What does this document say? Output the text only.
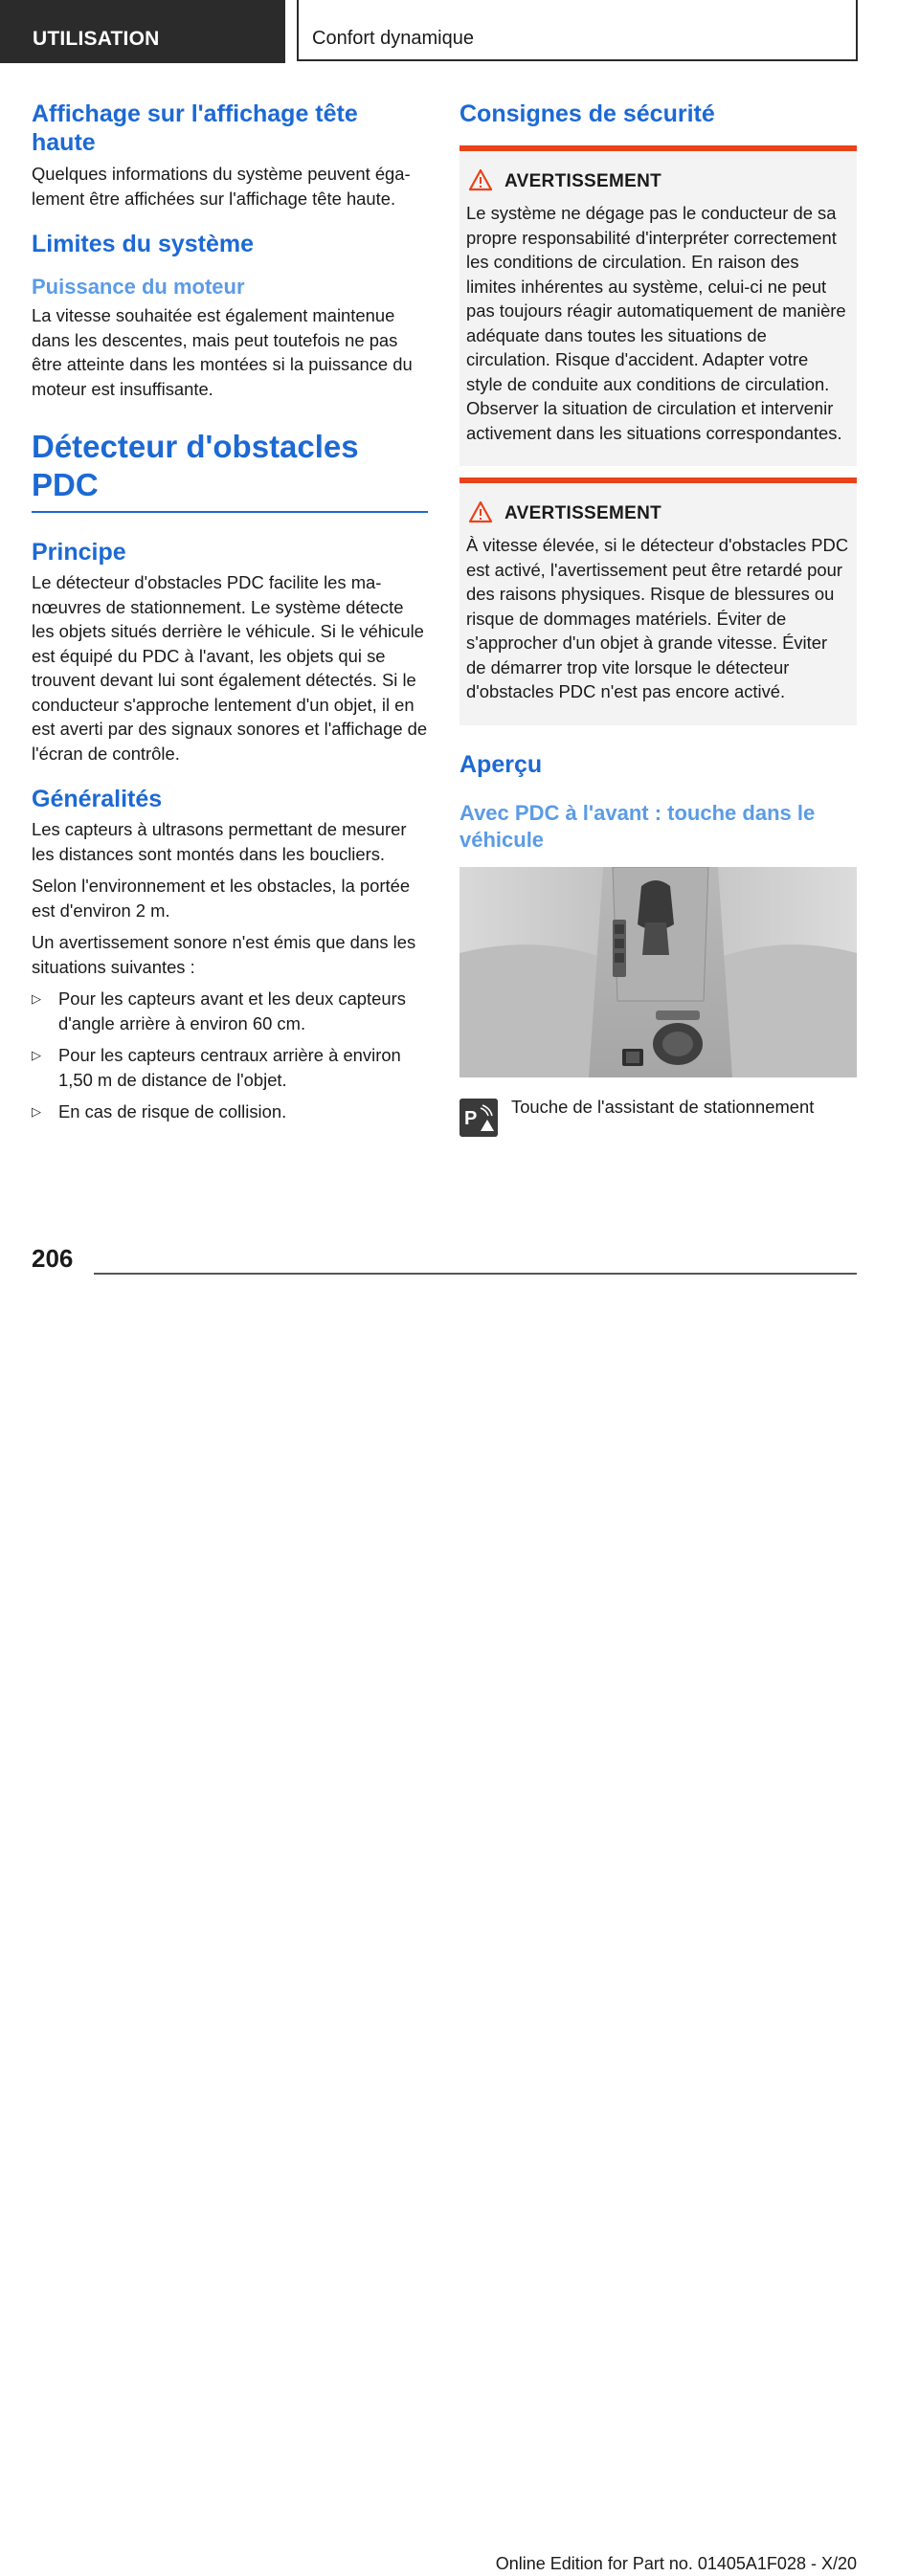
UTILISATION	Confort dynamique
Affichage sur l'affichage tête haute

Quelques informations du système peuvent également être affichées sur l'affichage tête haute.

Limites du système
Puissance du moteur

La vitesse souhaitée est également maintenue dans les descentes, mais peut toutefois ne pas être atteinte dans les montées si la puissance du moteur est insuffisante.

Détecteur d'obstacles PDC
Principe

Le détecteur d'obstacles PDC facilite les manœuvres de stationnement. Le système détecte les objets situés derrière le véhicule. Si le véhicule est équipé du PDC à l'avant, les objets qui se trouvent devant lui sont également détectés. Si le conducteur s'approche lentement d'un objet, il en est averti par des signaux sonores et l'affichage de l'écran de contrôle.

Généralités

Les capteurs à ultrasons permettant de mesurer les distances sont montés dans les boucliers.

Selon l'environnement et les obstacles, la portée est d'environ 2 m.

Un avertissement sonore n'est émis que dans les situations suivantes :

▷ Pour les capteurs avant et les deux capteurs d'angle arrière à environ 60 cm.
▷ Pour les capteurs centraux arrière à environ 1,50 m de distance de l'objet.
▷ En cas de risque de collision.
Consignes de sécurité
AVERTISSEMENT

Le système ne dégage pas le conducteur de sa propre responsabilité d'interpréter correctement les conditions de circulation. En raison des limites inhérentes au système, celui-ci ne peut pas toujours réagir automatiquement de manière adéquate dans toutes les situations de circulation. Risque d'accident. Adapter votre style de conduite aux conditions de circulation. Observer la situation de circulation et intervenir activement dans les situations correspondantes.

AVERTISSEMENT

À vitesse élevée, si le détecteur d'obstacles PDC est activé, l'avertissement peut être retardé pour des raisons physiques. Risque de blessures ou risque de dommages matériels. Éviter de s'approcher d'un objet à grande vitesse. Éviter de démarrer trop vite lorsque le détecteur d'obstacles PDC n'est pas encore activé.

Aperçu
Avec PDC à l'avant : touche dans le véhicule
P
Touche de l'assistant de stationnement
206
Online Edition for Part no. 01405A1F028 - X/20
